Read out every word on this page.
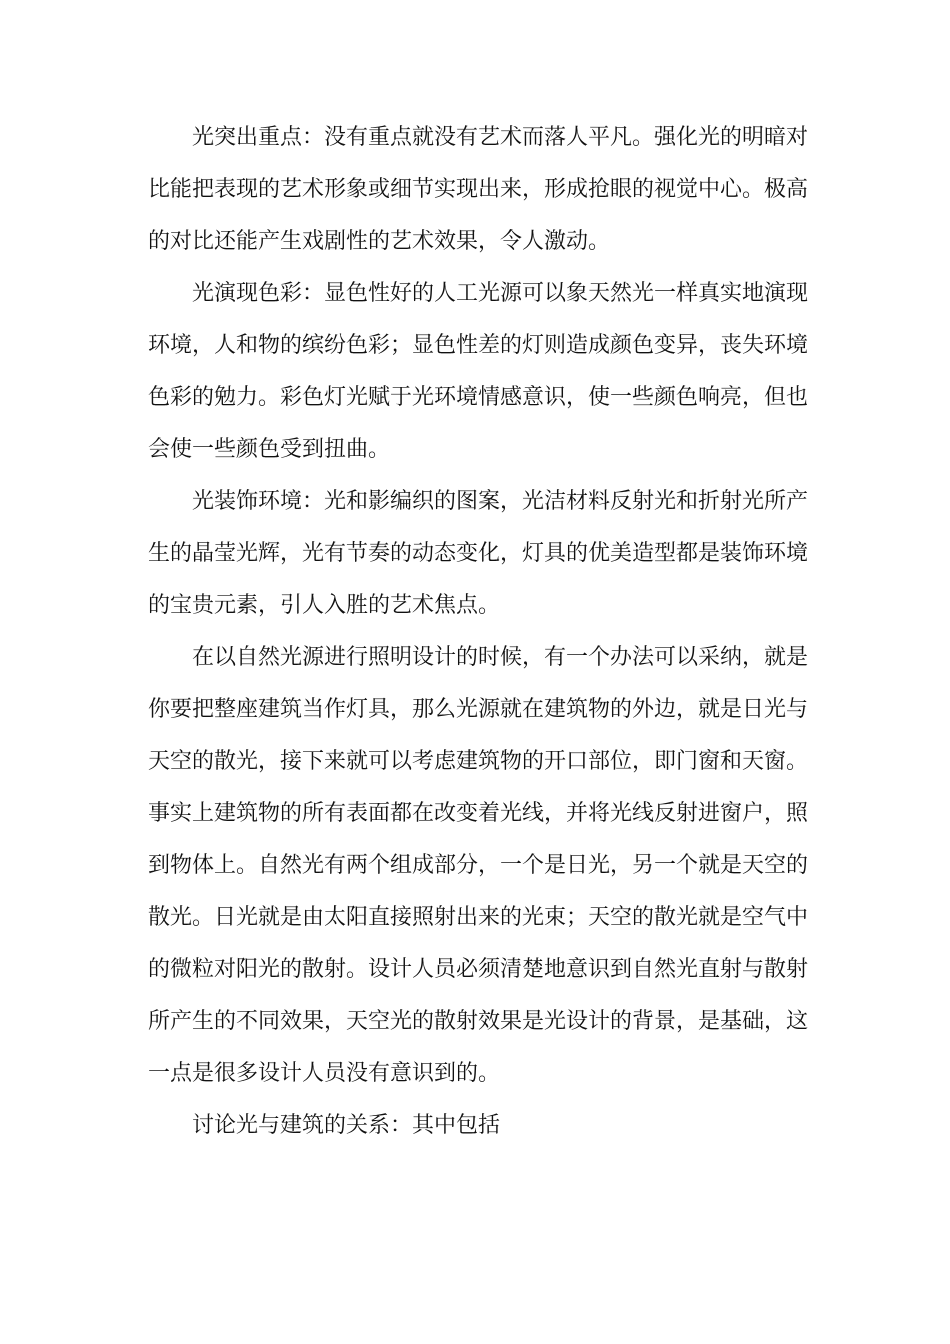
光突出重点：没有重点就没有艺术而落人平凡。强化光的明暗对比能把表现的艺术形象或细节实现出来，形成抢眼的视觉中心。极高的对比还能产生戏剧性的艺术效果，令人激动。

光演现色彩：显色性好的人工光源可以象天然光一样真实地演现环境，人和物的缤纷色彩；显色性差的灯则造成颜色变异，丧失环境色彩的勉力。彩色灯光赋于光环境情感意识，使一些颜色响亮，但也会使一些颜色受到扭曲。

光装饰环境：光和影编织的图案，光洁材料反射光和折射光所产生的晶莹光辉，光有节奏的动态变化，灯具的优美造型都是装饰环境的宝贵元素，引人入胜的艺术焦点。

在以自然光源进行照明设计的时候，有一个办法可以采纳，就是你要把整座建筑当作灯具，那么光源就在建筑物的外边，就是日光与天空的散光，接下来就可以考虑建筑物的开口部位，即门窗和天窗。事实上建筑物的所有表面都在改变着光线，并将光线反射进窗户，照到物体上。自然光有两个组成部分，一个是日光，另一个就是天空的散光。日光就是由太阳直接照射出来的光束；天空的散光就是空气中的微粒对阳光的散射。设计人员必须清楚地意识到自然光直射与散射所产生的不同效果，天空光的散射效果是光设计的背景，是基础，这一点是很多设计人员没有意识到的。

讨论光与建筑的关系：其中包括
